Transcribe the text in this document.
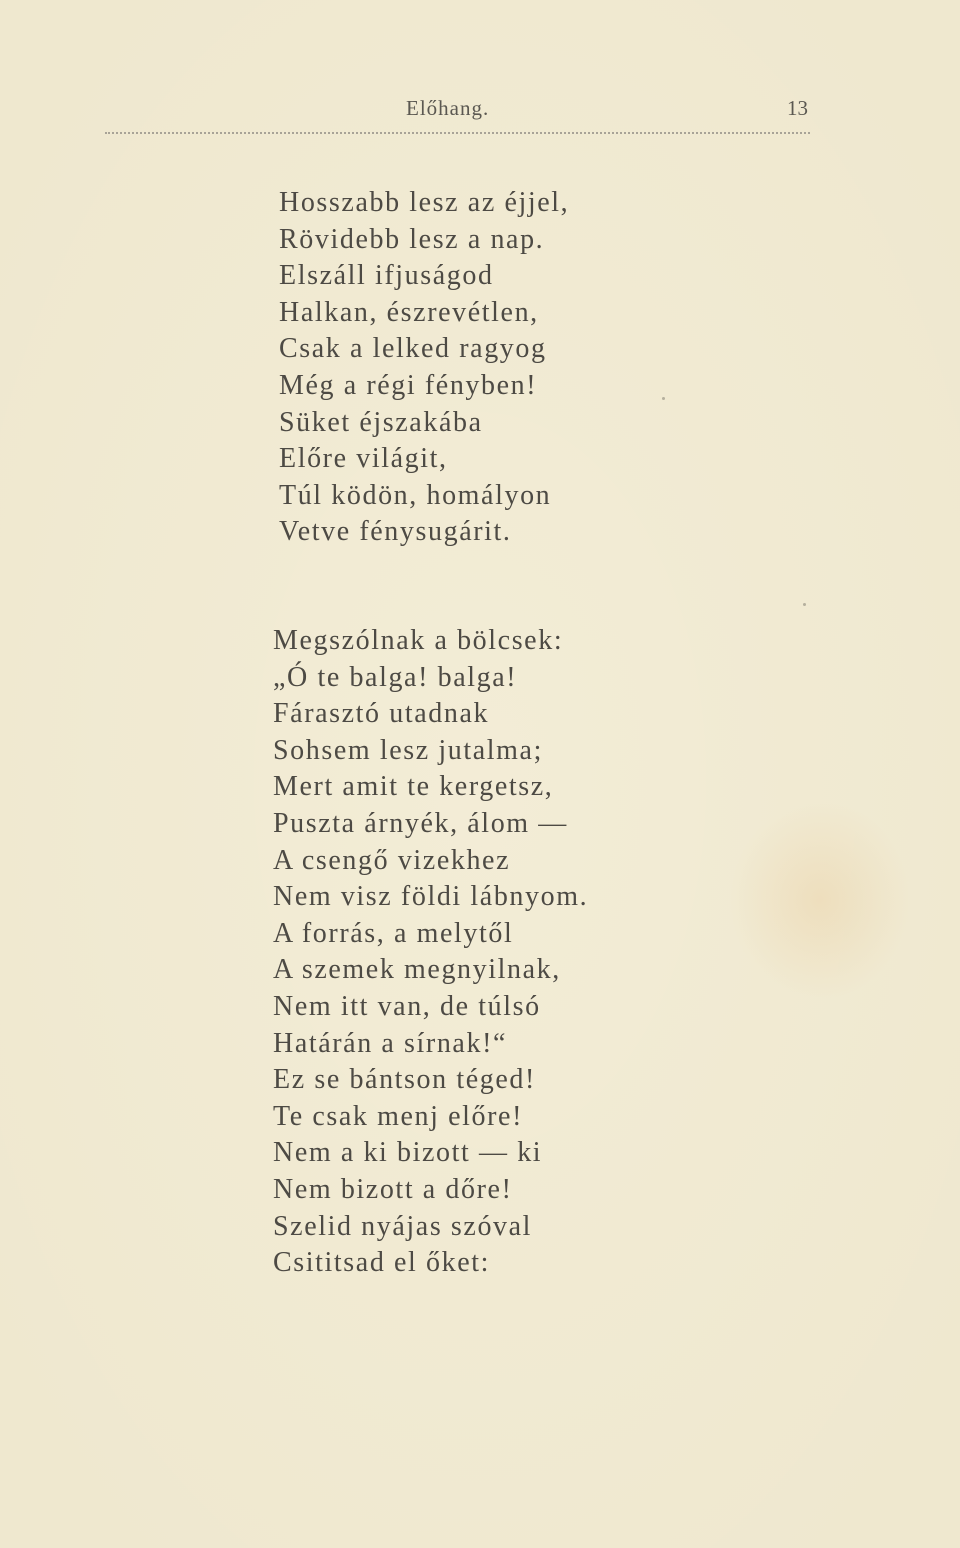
Előhang.	13
Hosszabb lesz az éjjel,
Rövidebb lesz a nap.
Elszáll ifjuságod
Halkan, észrevétlen,
Csak a lelked ragyog
Még a régi fényben!
Süket éjszakába
Előre világit,
Túl ködön, homályon
Vetve fénysugárit.
Megszólnak a bölcsek:
„Ó te balga! balga!
Fárasztó utadnak
Sohsem lesz jutalma;
Mert amit te kergetsz,
Puszta árnyék, álom —
A csengő vizekhez
Nem visz földi lábnyom.
A forrás, a melytől
A szemek megnyilnak,
Nem itt van, de túlsó
Határán a sírnak!“
Ez se bántson téged!
Te csak menj előre!
Nem a ki bizott — ki
Nem bizott a dőre!
Szelid nyájas szóval
Csititsad el őket:
